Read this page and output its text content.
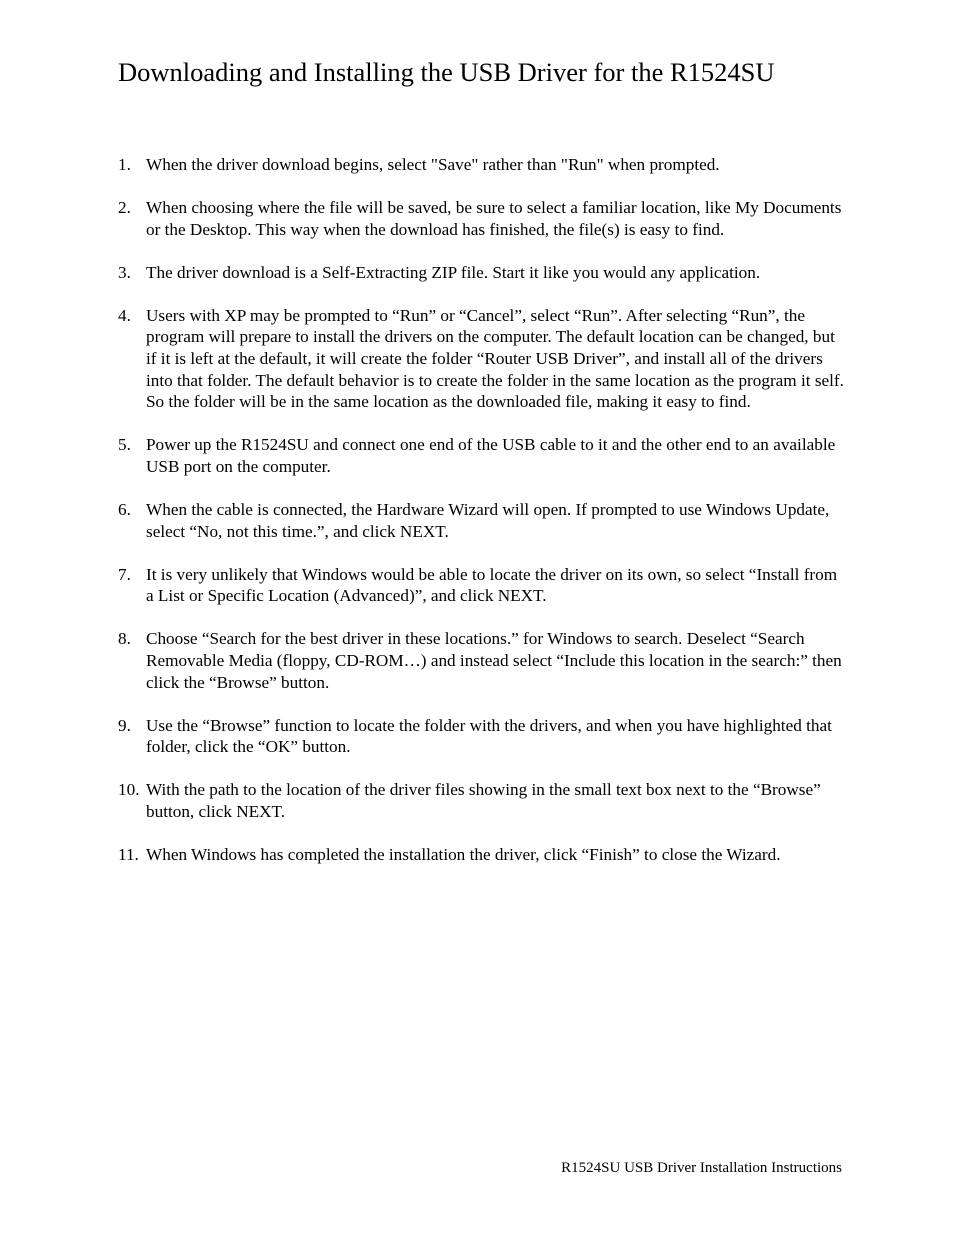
Downloading and Installing the USB Driver for the R1524SU
1. When the driver download begins, select "Save" rather than "Run" when prompted.
2. When choosing where the file will be saved, be sure to select a familiar location, like My Documents or the Desktop. This way when the download has finished, the file(s) is easy to find.
3. The driver download is a Self-Extracting ZIP file. Start it like you would any application.
4. Users with XP may be prompted to “Run” or “Cancel”, select “Run”. After selecting “Run”, the program will prepare to install the drivers on the computer. The default location can be changed, but if it is left at the default, it will create the folder “Router USB Driver”, and install all of the drivers into that folder. The default behavior is to create the folder in the same location as the program it self. So the folder will be in the same location as the downloaded file, making it easy to find.
5. Power up the R1524SU and connect one end of the USB cable to it and the other end to an available USB port on the computer.
6. When the cable is connected, the Hardware Wizard will open. If prompted to use Windows Update, select “No, not this time.”, and click NEXT.
7. It is very unlikely that Windows would be able to locate the driver on its own, so select “Install from a List or Specific Location (Advanced)”, and click NEXT.
8. Choose “Search for the best driver in these locations.” for Windows to search. Deselect “Search Removable Media (floppy, CD-ROM…) and instead select “Include this location in the search:” then click the “Browse” button.
9. Use the “Browse” function to locate the folder with the drivers, and when you have highlighted that folder, click the “OK” button.
10. With the path to the location of the driver files showing in the small text box next to the “Browse” button, click NEXT.
11. When Windows has completed the installation the driver, click “Finish” to close the Wizard.
R1524SU USB Driver Installation Instructions
